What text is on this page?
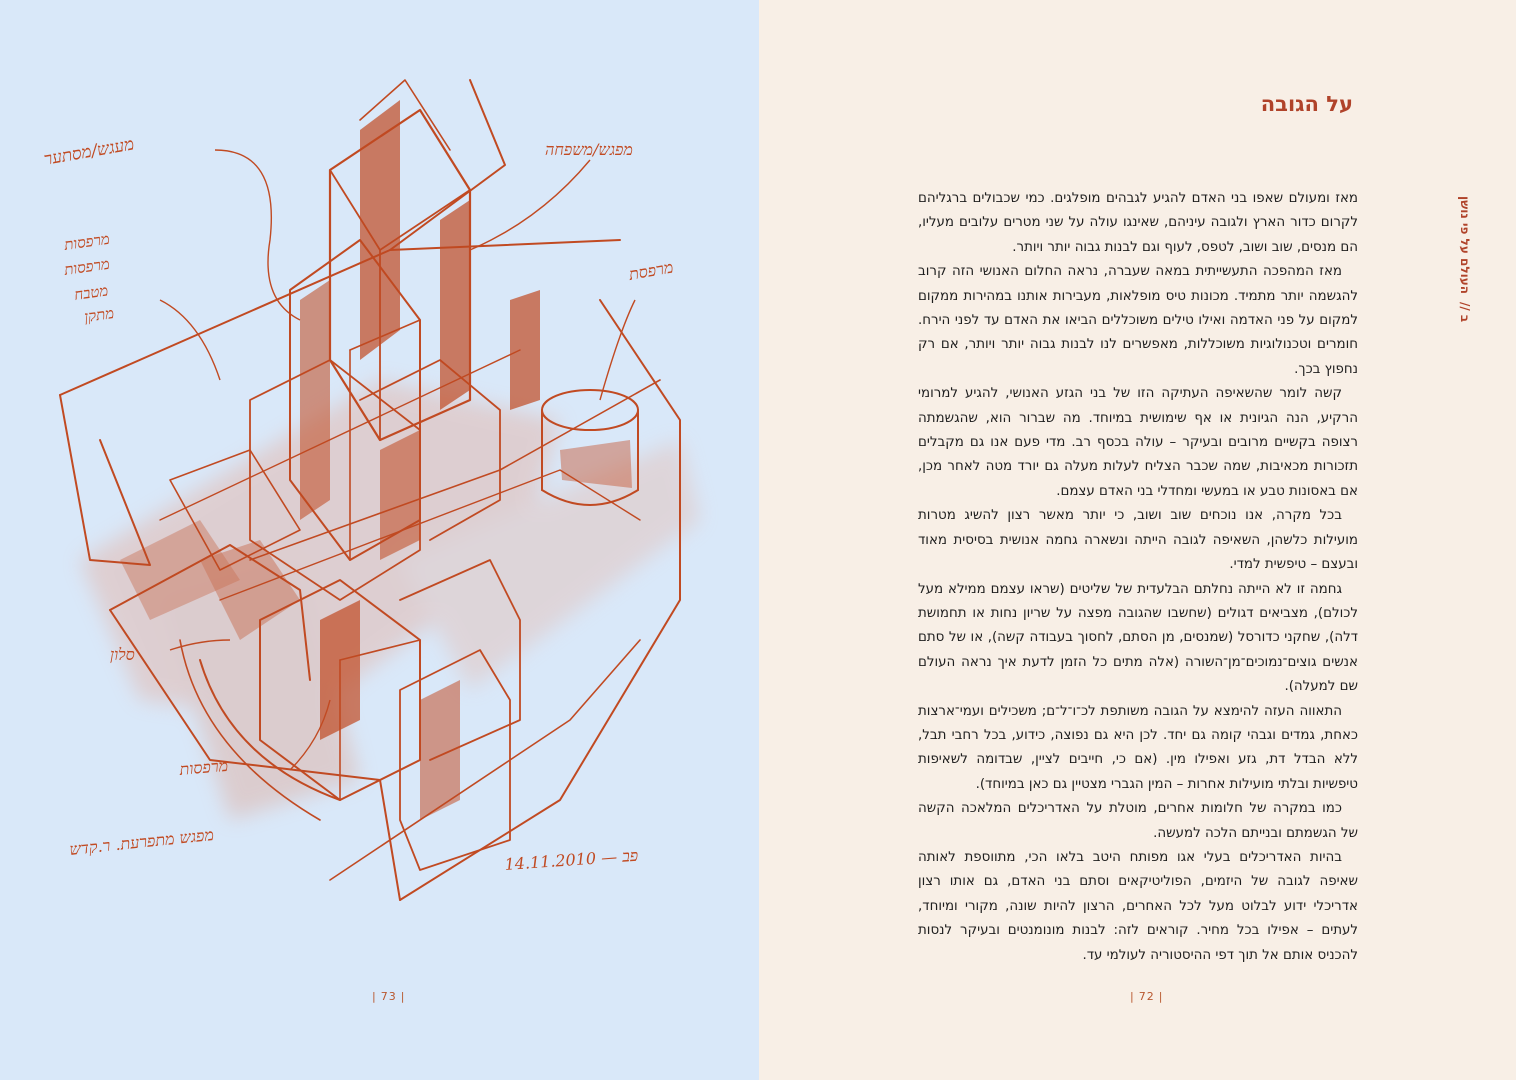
מעגש/מסתער	מפגש/משפחה
מרפסת
מרפסות
מרפסות
מטבח
מתקן
סלון
מרפסות
מפגש מתפרעת. ר.קדש
14.11.2010 — פב
| 73 |	| 72 |
ב //
העולם על פי נושן
על הגובה

מאז ומעולם שאפו בני האדם להגיע לגבהים מופלגים. כמי שכבולים ברגליהם לקרום כדור הארץ ולגובה עיניהם, שאינגו עולה על שני מטרים עלובים מעליו, הם מנסים, שוב ושוב, לטפס, לעוף וגם לבנות גבוה יותר ויותר.

מאז המהפכה התעשייתית במאה שעברה, נראה החלום האנושי הזה קרוב להגשמה יותר מתמיד. מכונות טיס מופלאות, מעבירות אותנו במהירות ממקום למקום על פני האדמה ואילו טילים משוכללים הביאו את האדם עד לפני הירח. חומרים וטכנולוגיות משוכללות, מאפשרים לנו לבנות גבוה יותר ויותר, אם רק נחפוץ בכך.

קשה לומר שהשאיפה העתיקה הזו של בני הגזע האנושי, להגיע למרומי הרקיע, הנה הגיונית או אף שימושית במיוחד. מה שברור הוא, שהגשמתה רצופה בקשיים מרובים ובעיקר – עולה בכסף רב. מדי פעם אנו גם מקבלים תזכורות מכאיבות, שמה שכבר הצליח לעלות מעלה גם יורד מטה לאחר מכן, אם באסונות טבע או במעשי ומחדלי בני האדם עצמם.

בכל מקרה, אנו נוכחים שוב ושוב, כי יותר מאשר רצון להשיג מטרות מועילות כלשהן, השאיפה לגובה הייתה ונשארה גחמה אנושית בסיסית מאוד ובעצם – טיפשית למדי.

גחמה זו לא הייתה נחלתם הבלעדית של שליטים (שראו עצמם ממילא מעל לכולם), מצביאים דגולים (שחשבו שהגובה מפצה על שריון נחות או תחמושת דלה), שחקני כדורסל (שמנסים, מן הסתם, לחסוך בעבודה קשה), או של סתם אנשים גוצים־נמוכים־מן־השורה (אלה מתים כל הזמן לדעת איך נראה העולם שם למעלה).

התאווה העזה להימצא על הגובה משותפת לכ־ו־ל־ם; משכילים ועמי־ארצות כאחת, גמדים וגבהי קומה גם יחד. לכן היא גם נפוצה, כידוע, בכל רחבי תבל, ללא הבדל דת, גזע ואפילו מין. (אם כי, חייבים לציין, שבדומה לשאיפות טיפשיות ובלתי מועילות אחרות – המין הגברי מצטיין גם כאן במיוחד).

כמו במקרה של חלומות אחרים, מוטלת על האדריכלים המלאכה הקשה של הגשמתם ובנייתם הלכה למעשה.

בהיות האדריכלים בעלי אגו מפותח היטב בלאו הכי, מתווספת לאותה שאיפה לגובה של היזמים, הפוליטיקאים וסתם בני האדם, גם אותו רצון אדריכלי ידוע לבלוט מעל לכל האחרים, הרצון להיות שונה, מקורי ומיוחד, לעתים – אפילו בכל מחיר. קוראים לזה: לבנות מונומנטים ובעיקר לנסות להכניס אותם אל תוך דפי ההיסטוריה לעולמי עד.
